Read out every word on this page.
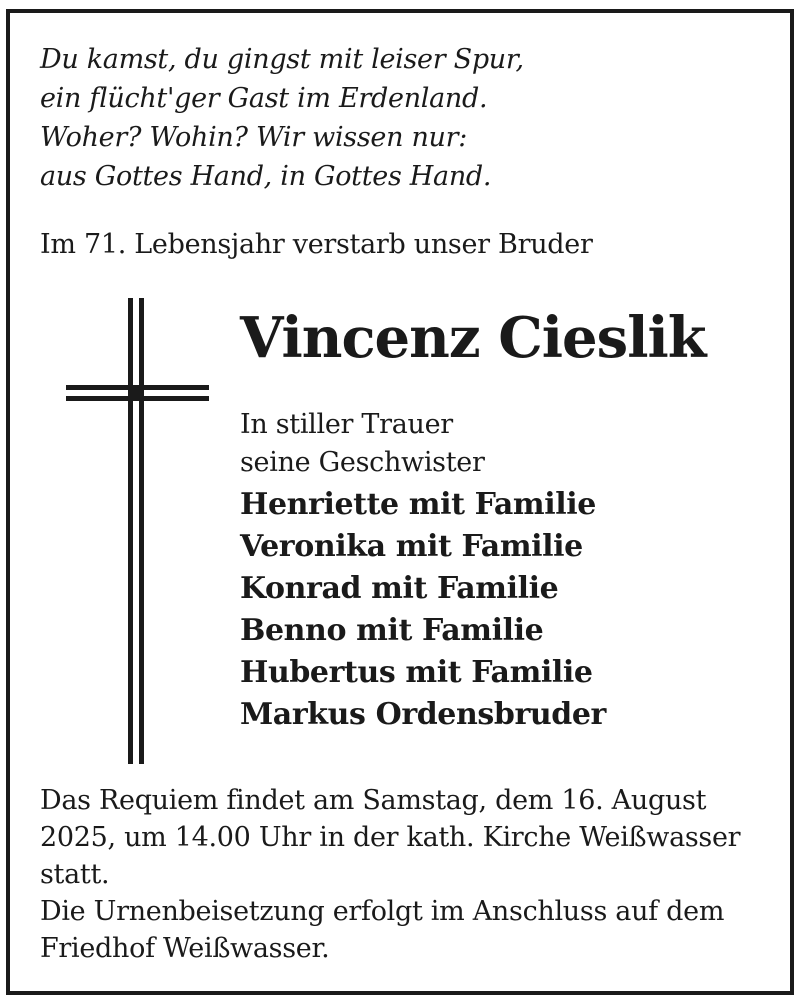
Du kamst, du gingst mit leiser Spur,
ein flücht'ger Gast im Erdenland.
Woher? Wohin? Wir wissen nur:
aus Gottes Hand, in Gottes Hand.
Im 71. Lebensjahr verstarb unser Bruder
Vincenz Cieslik
In stiller Trauer
seine Geschwister
Henriette mit Familie
Veronika mit Familie
Konrad mit Familie
Benno mit Familie
Hubertus mit Familie
Markus Ordensbruder

Das Requiem findet am Samstag, dem 16. August 2025, um 14.00 Uhr in der kath. Kirche Weißwasser statt.

Die Urnenbeisetzung erfolgt im Anschluss auf dem Friedhof Weißwasser.
